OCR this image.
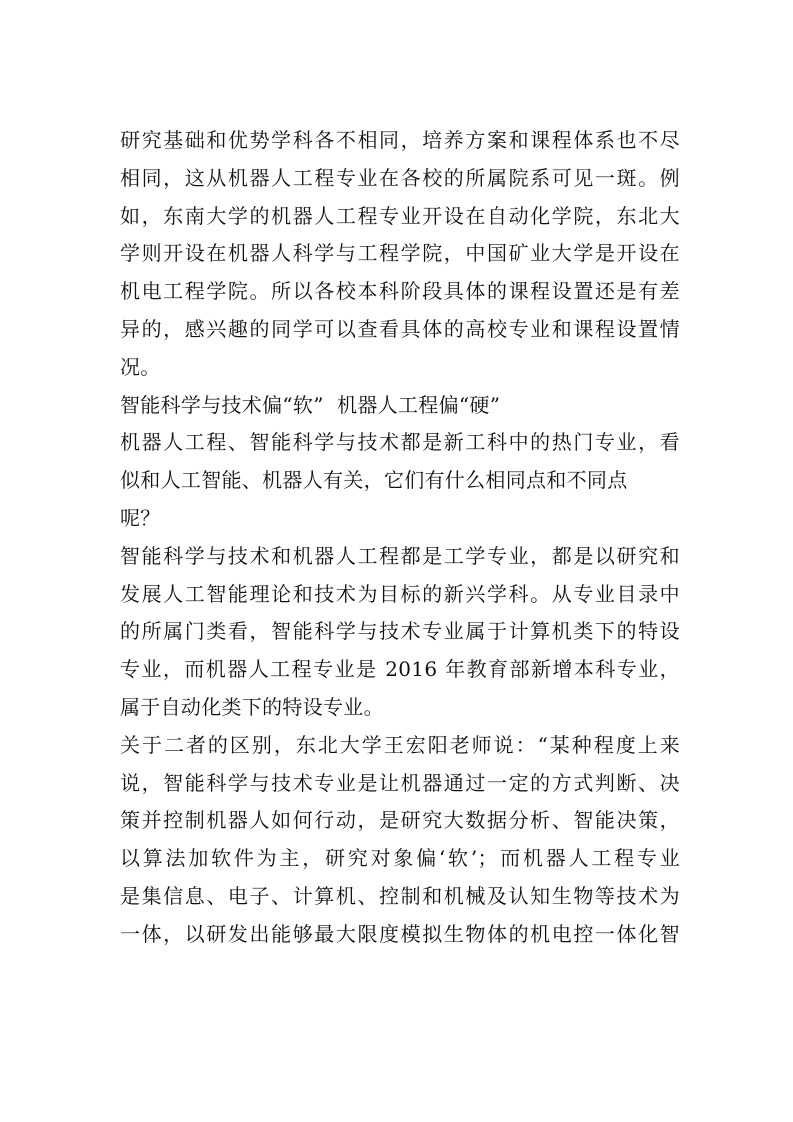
研究基础和优势学科各不相同，培养方案和课程体系也不尽
相同，这从机器人工程专业在各校的所属院系可见一斑。例
如，东南大学的机器人工程专业开设在自动化学院，东北大
学则开设在机器人科学与工程学院，中国矿业大学是开设在
机电工程学院。所以各校本科阶段具体的课程设置还是有差
异的，感兴趣的同学可以查看具体的高校专业和课程设置情
况。
智能科学与技术偏“软”  机器人工程偏“硬”
机器人工程、智能科学与技术都是新工科中的热门专业，看
似和人工智能、机器人有关，它们有什么相同点和不同点
呢？
智能科学与技术和机器人工程都是工学专业，都是以研究和
发展人工智能理论和技术为目标的新兴学科。从专业目录中
的所属门类看，智能科学与技术专业属于计算机类下的特设
专业，而机器人工程专业是 2016 年教育部新增本科专业，
属于自动化类下的特设专业。
关于二者的区别，东北大学王宏阳老师说：“某种程度上来
说，智能科学与技术专业是让机器通过一定的方式判断、决
策并控制机器人如何行动，是研究大数据分析、智能决策，
以算法加软件为主，研究对象偏‘软’；而机器人工程专业
是集信息、电子、计算机、控制和机械及认知生物等技术为
一体，以研发出能够最大限度模拟生物体的机电控一体化智
